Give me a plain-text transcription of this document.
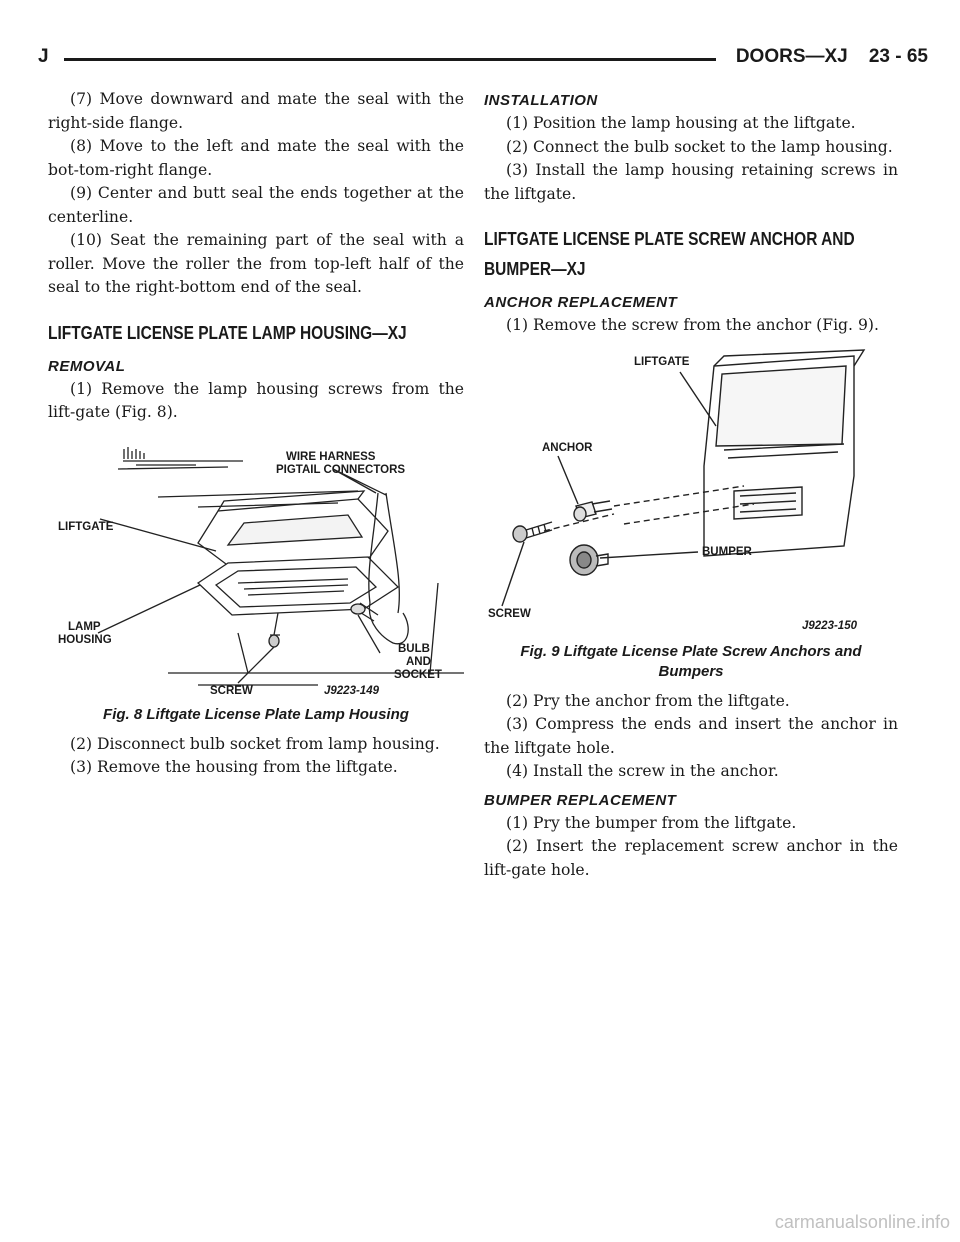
J	DOORS—XJ    23 - 65

(7) Move downward and mate the seal with the right-side flange.

(8) Move to the left and mate the seal with the bot-tom-right flange.

(9) Center and butt seal the ends together at the centerline.

(10) Seat the remaining part of the seal with a roller. Move the roller the from top-left half of the seal to the right-bottom end of the seal.

LIFTGATE LICENSE PLATE LAMP HOUSING—XJ
REMOVAL

(1) Remove the lamp housing screws from the lift-gate (Fig. 8).

WIRE HARNESS
PIGTAIL CONNECTORS
LIFTGATE
LAMP
HOUSING
BULB
AND
SOCKET
SCREW	J9223-149
Fig. 8 Liftgate License Plate Lamp Housing

(2) Disconnect bulb socket from lamp housing.

(3) Remove the housing from the liftgate.

INSTALLATION

(1) Position the lamp housing at the liftgate.

(2) Connect the bulb socket to the lamp housing.

(3) Install the lamp housing retaining screws in the liftgate.

LIFTGATE LICENSE PLATE SCREW ANCHOR AND
BUMPER—XJ
ANCHOR REPLACEMENT

(1) Remove the screw from the anchor (Fig. 9).

LIFTGATE
ANCHOR
BUMPER
SCREW
J9223-150
Fig. 9 Liftgate License Plate Screw Anchors and
Bumpers

(2) Pry the anchor from the liftgate.

(3) Compress the ends and insert the anchor in the liftgate hole.

(4) Install the screw in the anchor.

BUMPER REPLACEMENT

(1) Pry the bumper from the liftgate.

(2) Insert the replacement screw anchor in the lift-gate hole.

carmanualsonline.info
